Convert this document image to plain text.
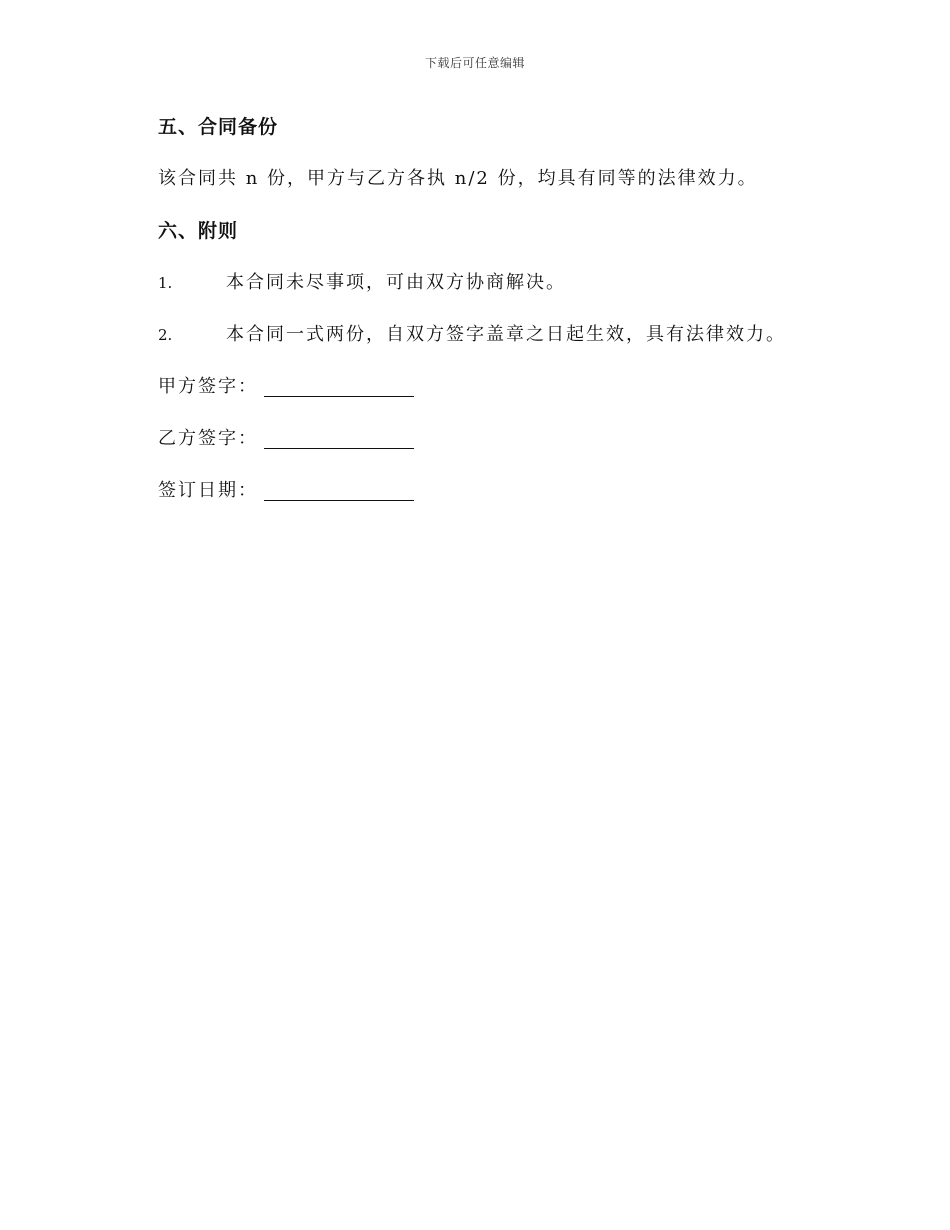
下载后可任意编辑
五、合同备份
该合同共 n 份，甲方与乙方各执 n/2 份，均具有同等的法律效力。
六、附则
1.	本合同未尽事项，可由双方协商解决。
2.	本合同一式两份，自双方签字盖章之日起生效，具有法律效力。
甲方签字：
乙方签字：
签订日期：
